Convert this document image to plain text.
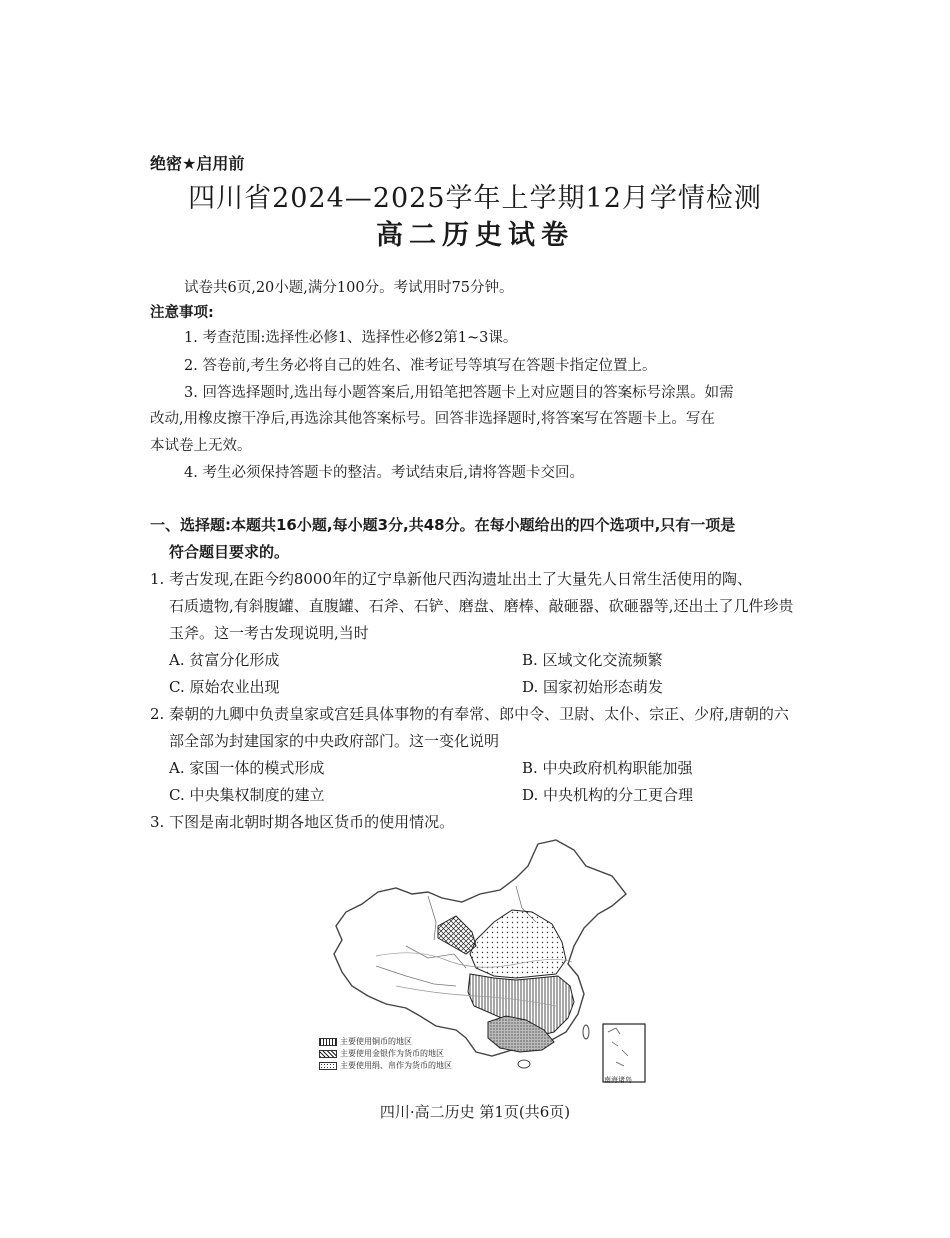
绝密★启用前
四川省2024—2025学年上学期12月学情检测
高二历史试卷
试卷共6页,20小题,满分100分。考试用时75分钟。
注意事项:
1. 考查范围:选择性必修1、选择性必修2第1~3课。
2. 答卷前,考生务必将自己的姓名、准考证号等填写在答题卡指定位置上。
3. 回答选择题时,选出每小题答案后,用铅笔把答题卡上对应题目的答案标号涂黑。如需
改动,用橡皮擦干净后,再选涂其他答案标号。回答非选择题时,将答案写在答题卡上。写在
本试卷上无效。
4. 考生必须保持答题卡的整洁。考试结束后,请将答题卡交回。
一、选择题:本题共16小题,每小题3分,共48分。在每小题给出的四个选项中,只有一项是
符合题目要求的。
1. 考古发现,在距今约8000年的辽宁阜新他尺西沟遗址出土了大量先人日常生活使用的陶、
石质遗物,有斜腹罐、直腹罐、石斧、石铲、磨盘、磨棒、敲砸器、砍砸器等,还出土了几件珍贵
玉斧。这一考古发现说明,当时
A. 贫富分化形成	B. 区域文化交流频繁
C. 原始农业出现	D. 国家初始形态萌发
2. 秦朝的九卿中负责皇家或宫廷具体事物的有奉常、郎中令、卫尉、太仆、宗正、少府,唐朝的六
部全部为封建国家的中央政府部门。这一变化说明
A. 家国一体的模式形成	B. 中央政府机构职能加强
C. 中央集权制度的建立	D. 中央机构的分工更合理
3. 下图是南北朝时期各地区货币的使用情况。
南海诸岛
主要使用铜币的地区
主要使用金银作为货币的地区
主要使用绢、帛作为货币的地区
四川·高二历史 第1页(共6页)
